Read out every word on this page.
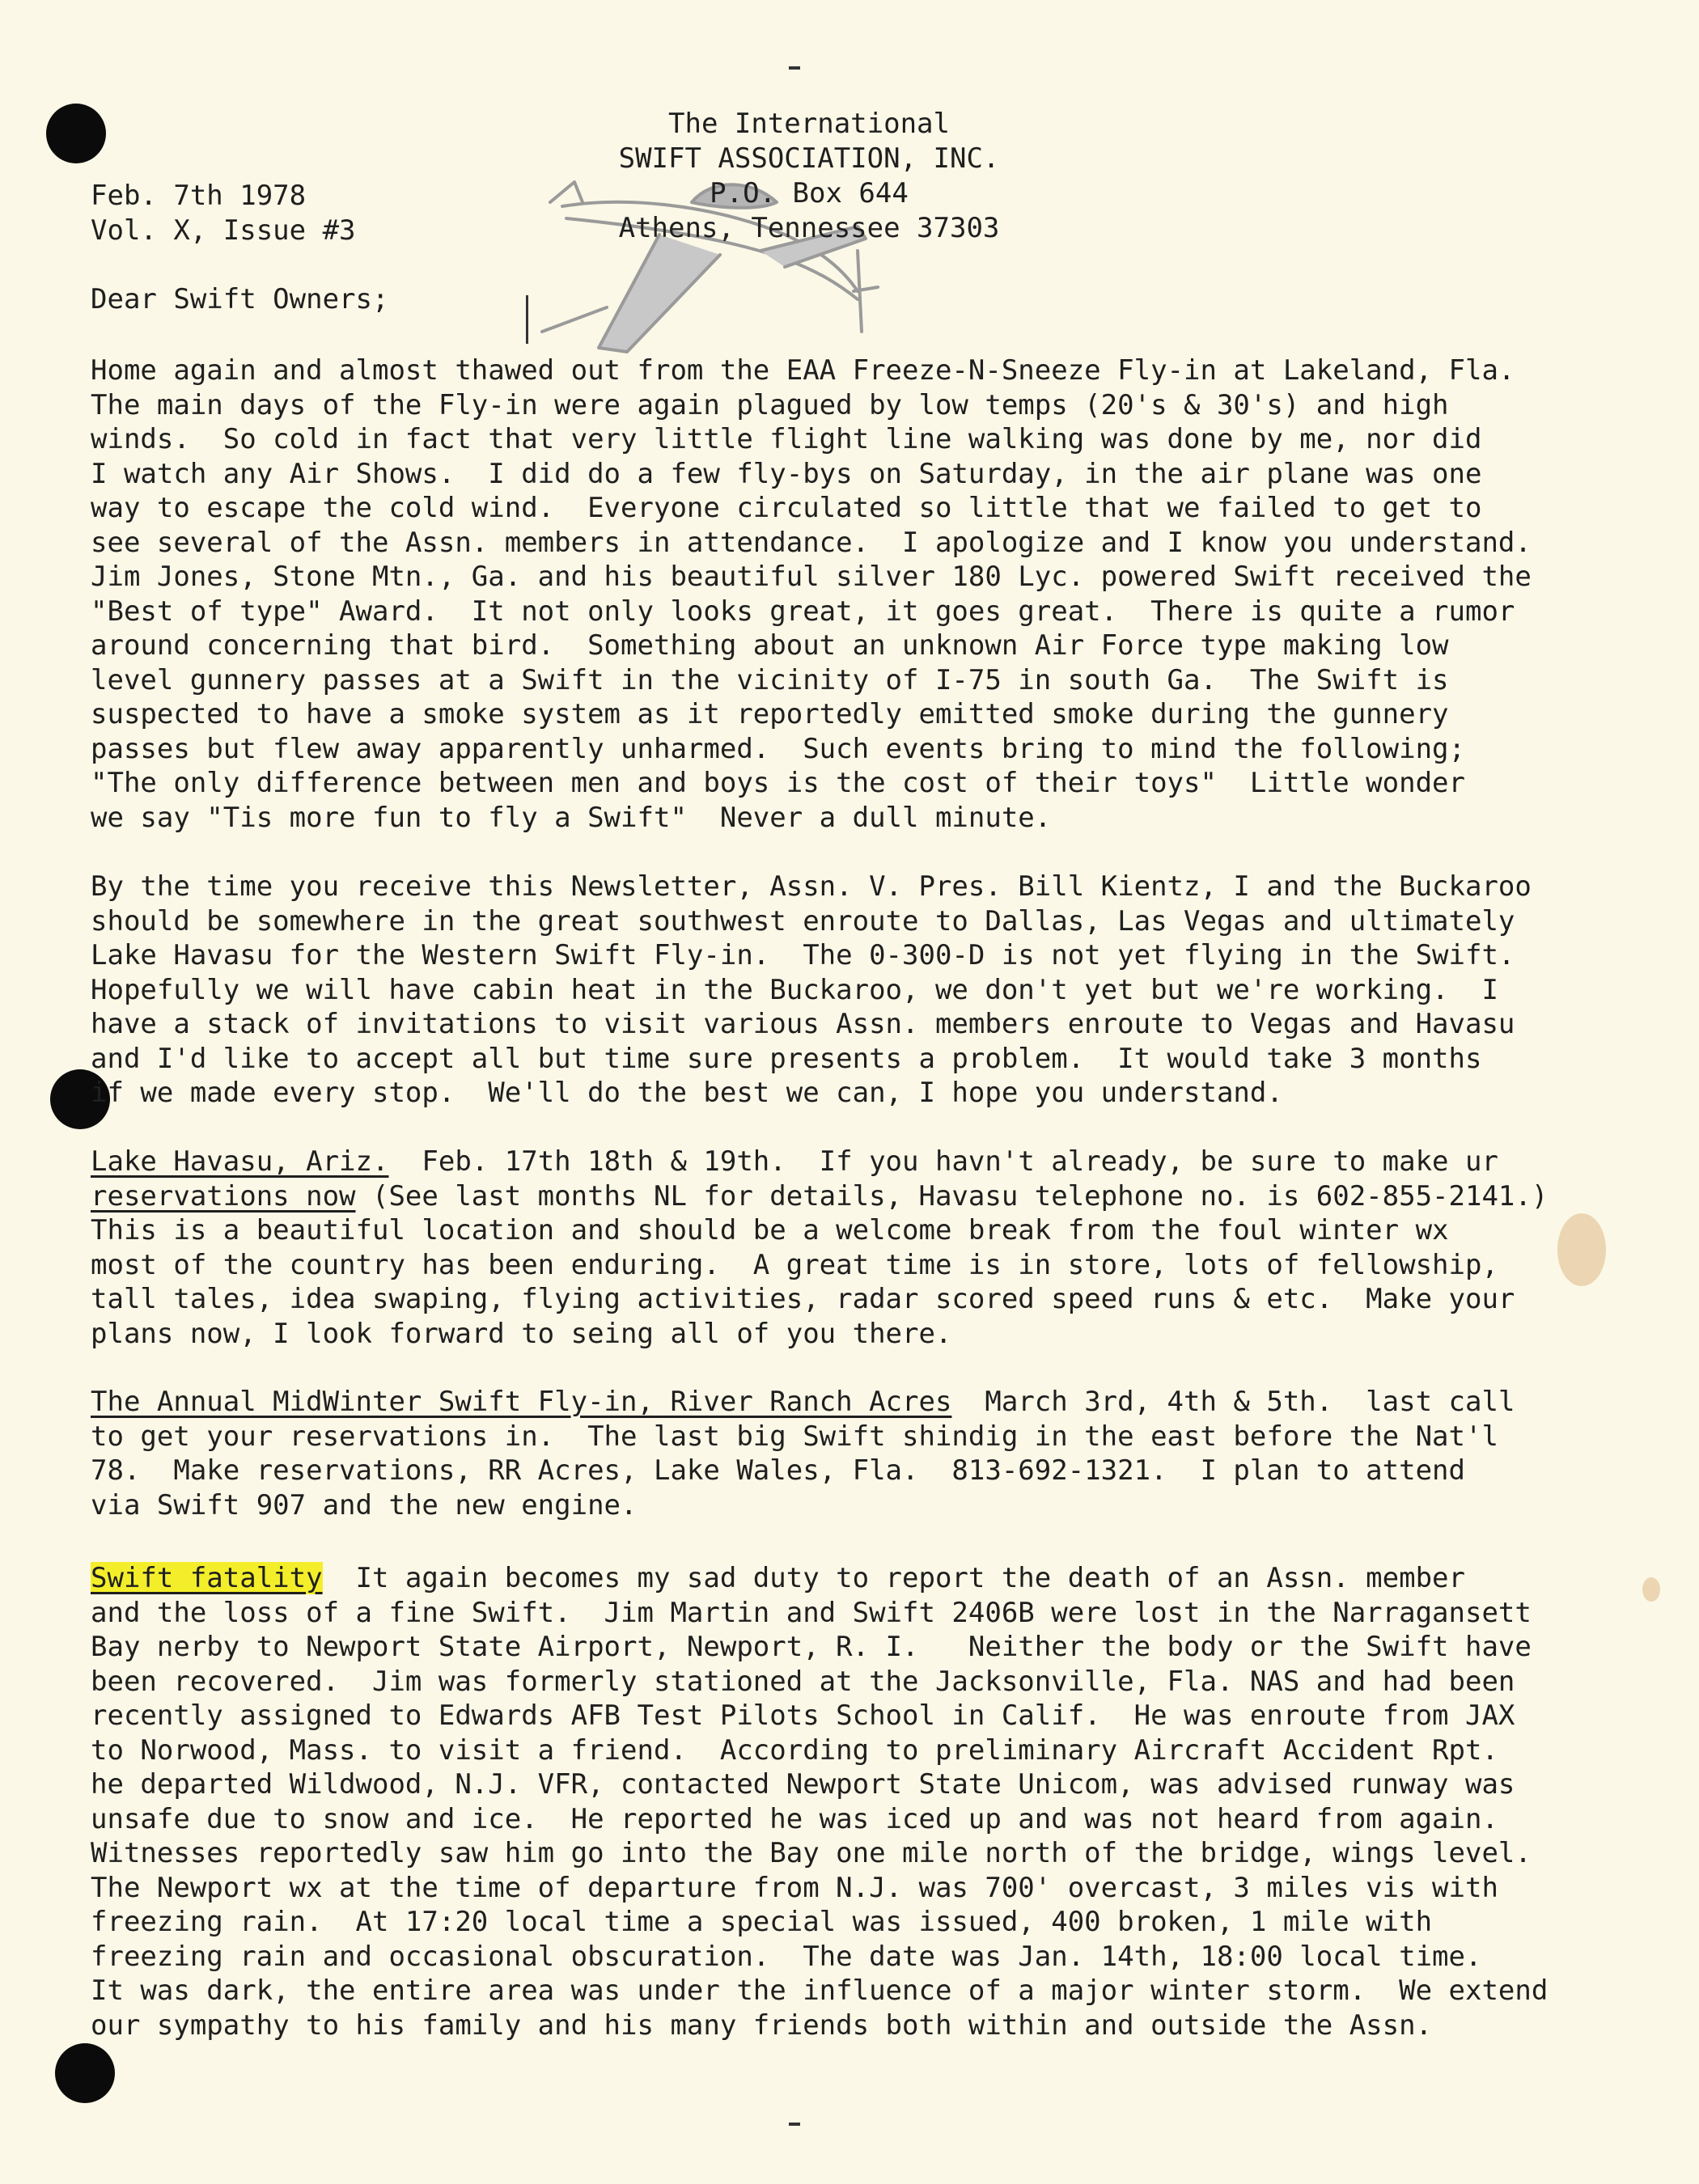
The International
SWIFT ASSOCIATION, INC.
P.O. Box 644
Athens, Tennessee 37303
Feb. 7th 1978
Vol. X, Issue #3
Dear Swift Owners;
Home again and almost thawed out from the EAA Freeze-N-Sneeze Fly-in at Lakeland, Fla.
The main days of the Fly-in were again plagued by low temps (20's & 30's) and high
winds.  So cold in fact that very little flight line walking was done by me, nor did
I watch any Air Shows.  I did do a few fly-bys on Saturday, in the air plane was one
way to escape the cold wind.  Everyone circulated so little that we failed to get to
see several of the Assn. members in attendance.  I apologize and I know you understand.
Jim Jones, Stone Mtn., Ga. and his beautiful silver 180 Lyc. powered Swift received the
"Best of type" Award.  It not only looks great, it goes great.  There is quite a rumor
around concerning that bird.  Something about an unknown Air Force type making low
level gunnery passes at a Swift in the vicinity of I-75 in south Ga.  The Swift is
suspected to have a smoke system as it reportedly emitted smoke during the gunnery
passes but flew away apparently unharmed.  Such events bring to mind the following;
"The only difference between men and boys is the cost of their toys"  Little wonder
we say "Tis more fun to fly a Swift"  Never a dull minute.
By the time you receive this Newsletter, Assn. V. Pres. Bill Kientz, I and the Buckaroo
should be somewhere in the great southwest enroute to Dallas, Las Vegas and ultimately
Lake Havasu for the Western Swift Fly-in.  The 0-300-D is not yet flying in the Swift.
Hopefully we will have cabin heat in the Buckaroo, we don't yet but we're working.  I
have a stack of invitations to visit various Assn. members enroute to Vegas and Havasu
and I'd like to accept all but time sure presents a problem.  It would take 3 months
if we made every stop.  We'll do the best we can, I hope you understand.
Lake Havasu, Ariz.  Feb. 17th 18th & 19th.  If you havn't already, be sure to make ur
reservations now (See last months NL for details, Havasu telephone no. is 602-855-2141.)
This is a beautiful location and should be a welcome break from the foul winter wx
most of the country has been enduring.  A great time is in store, lots of fellowship,
tall tales, idea swaping, flying activities, radar scored speed runs & etc.  Make your
plans now, I look forward to seing all of you there.
The Annual MidWinter Swift Fly-in, River Ranch Acres  March 3rd, 4th & 5th.  last call
to get your reservations in.  The last big Swift shindig in the east before the Nat'l
78.  Make reservations, RR Acres, Lake Wales, Fla.  813-692-1321.  I plan to attend
via Swift 907 and the new engine.
Swift fatality  It again becomes my sad duty to report the death of an Assn. member
and the loss of a fine Swift.  Jim Martin and Swift 2406B were lost in the Narragansett
Bay nerby to Newport State Airport, Newport, R. I.   Neither the body or the Swift have
been recovered.  Jim was formerly stationed at the Jacksonville, Fla. NAS and had been
recently assigned to Edwards AFB Test Pilots School in Calif.  He was enroute from JAX
to Norwood, Mass. to visit a friend.  According to preliminary Aircraft Accident Rpt.
he departed Wildwood, N.J. VFR, contacted Newport State Unicom, was advised runway was
unsafe due to snow and ice.  He reported he was iced up and was not heard from again.
Witnesses reportedly saw him go into the Bay one mile north of the bridge, wings level.
The Newport wx at the time of departure from N.J. was 700' overcast, 3 miles vis with
freezing rain.  At 17:20 local time a special was issued, 400 broken, 1 mile with
freezing rain and occasional obscuration.  The date was Jan. 14th, 18:00 local time.
It was dark, the entire area was under the influence of a major winter storm.  We extend
our sympathy to his family and his many friends both within and outside the Assn.
